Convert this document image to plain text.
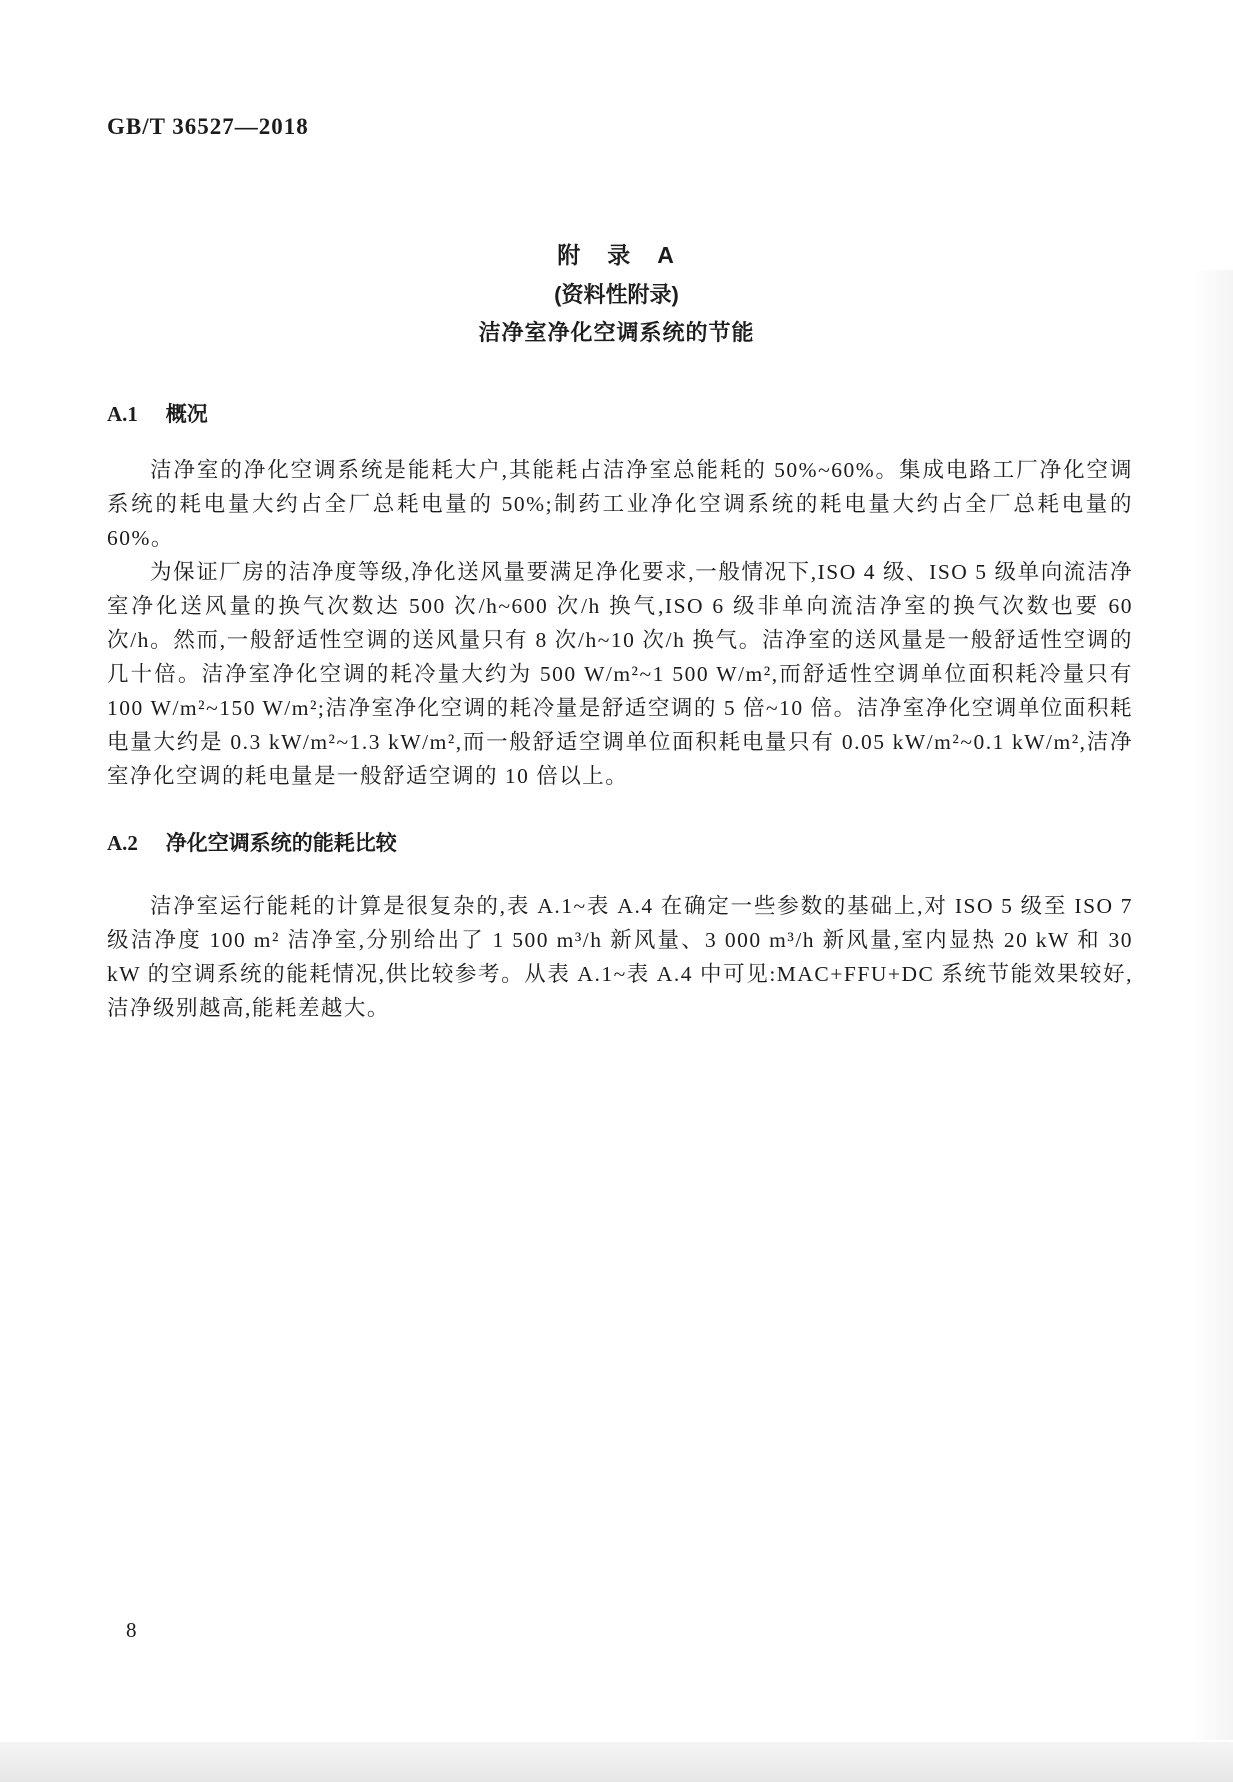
GB/T 36527—2018
附　录　A
(资料性附录)
洁净室净化空调系统的节能
A.1 概况

洁净室的净化空调系统是能耗大户,其能耗占洁净室总能耗的 50%~60%。集成电路工厂净化空调系统的耗电量大约占全厂总耗电量的 50%;制药工业净化空调系统的耗电量大约占全厂总耗电量的 60%。

为保证厂房的洁净度等级,净化送风量要满足净化要求,一般情况下,ISO 4 级、ISO 5 级单向流洁净室净化送风量的换气次数达 500 次/h~600 次/h 换气,ISO 6 级非单向流洁净室的换气次数也要 60 次/h。然而,一般舒适性空调的送风量只有 8 次/h~10 次/h 换气。洁净室的送风量是一般舒适性空调的几十倍。洁净室净化空调的耗冷量大约为 500 W/m²~1 500 W/m²,而舒适性空调单位面积耗冷量只有 100 W/m²~150 W/m²;洁净室净化空调的耗冷量是舒适空调的 5 倍~10 倍。洁净室净化空调单位面积耗电量大约是 0.3 kW/m²~1.3 kW/m²,而一般舒适空调单位面积耗电量只有 0.05 kW/m²~0.1 kW/m²,洁净室净化空调的耗电量是一般舒适空调的 10 倍以上。

A.2 净化空调系统的能耗比较

洁净室运行能耗的计算是很复杂的,表 A.1~表 A.4 在确定一些参数的基础上,对 ISO 5 级至 ISO 7 级洁净度 100 m² 洁净室,分别给出了 1 500 m³/h 新风量、3 000 m³/h 新风量,室内显热 20 kW 和 30 kW 的空调系统的能耗情况,供比较参考。从表 A.1~表 A.4 中可见:MAC+FFU+DC 系统节能效果较好,洁净级别越高,能耗差越大。

8
